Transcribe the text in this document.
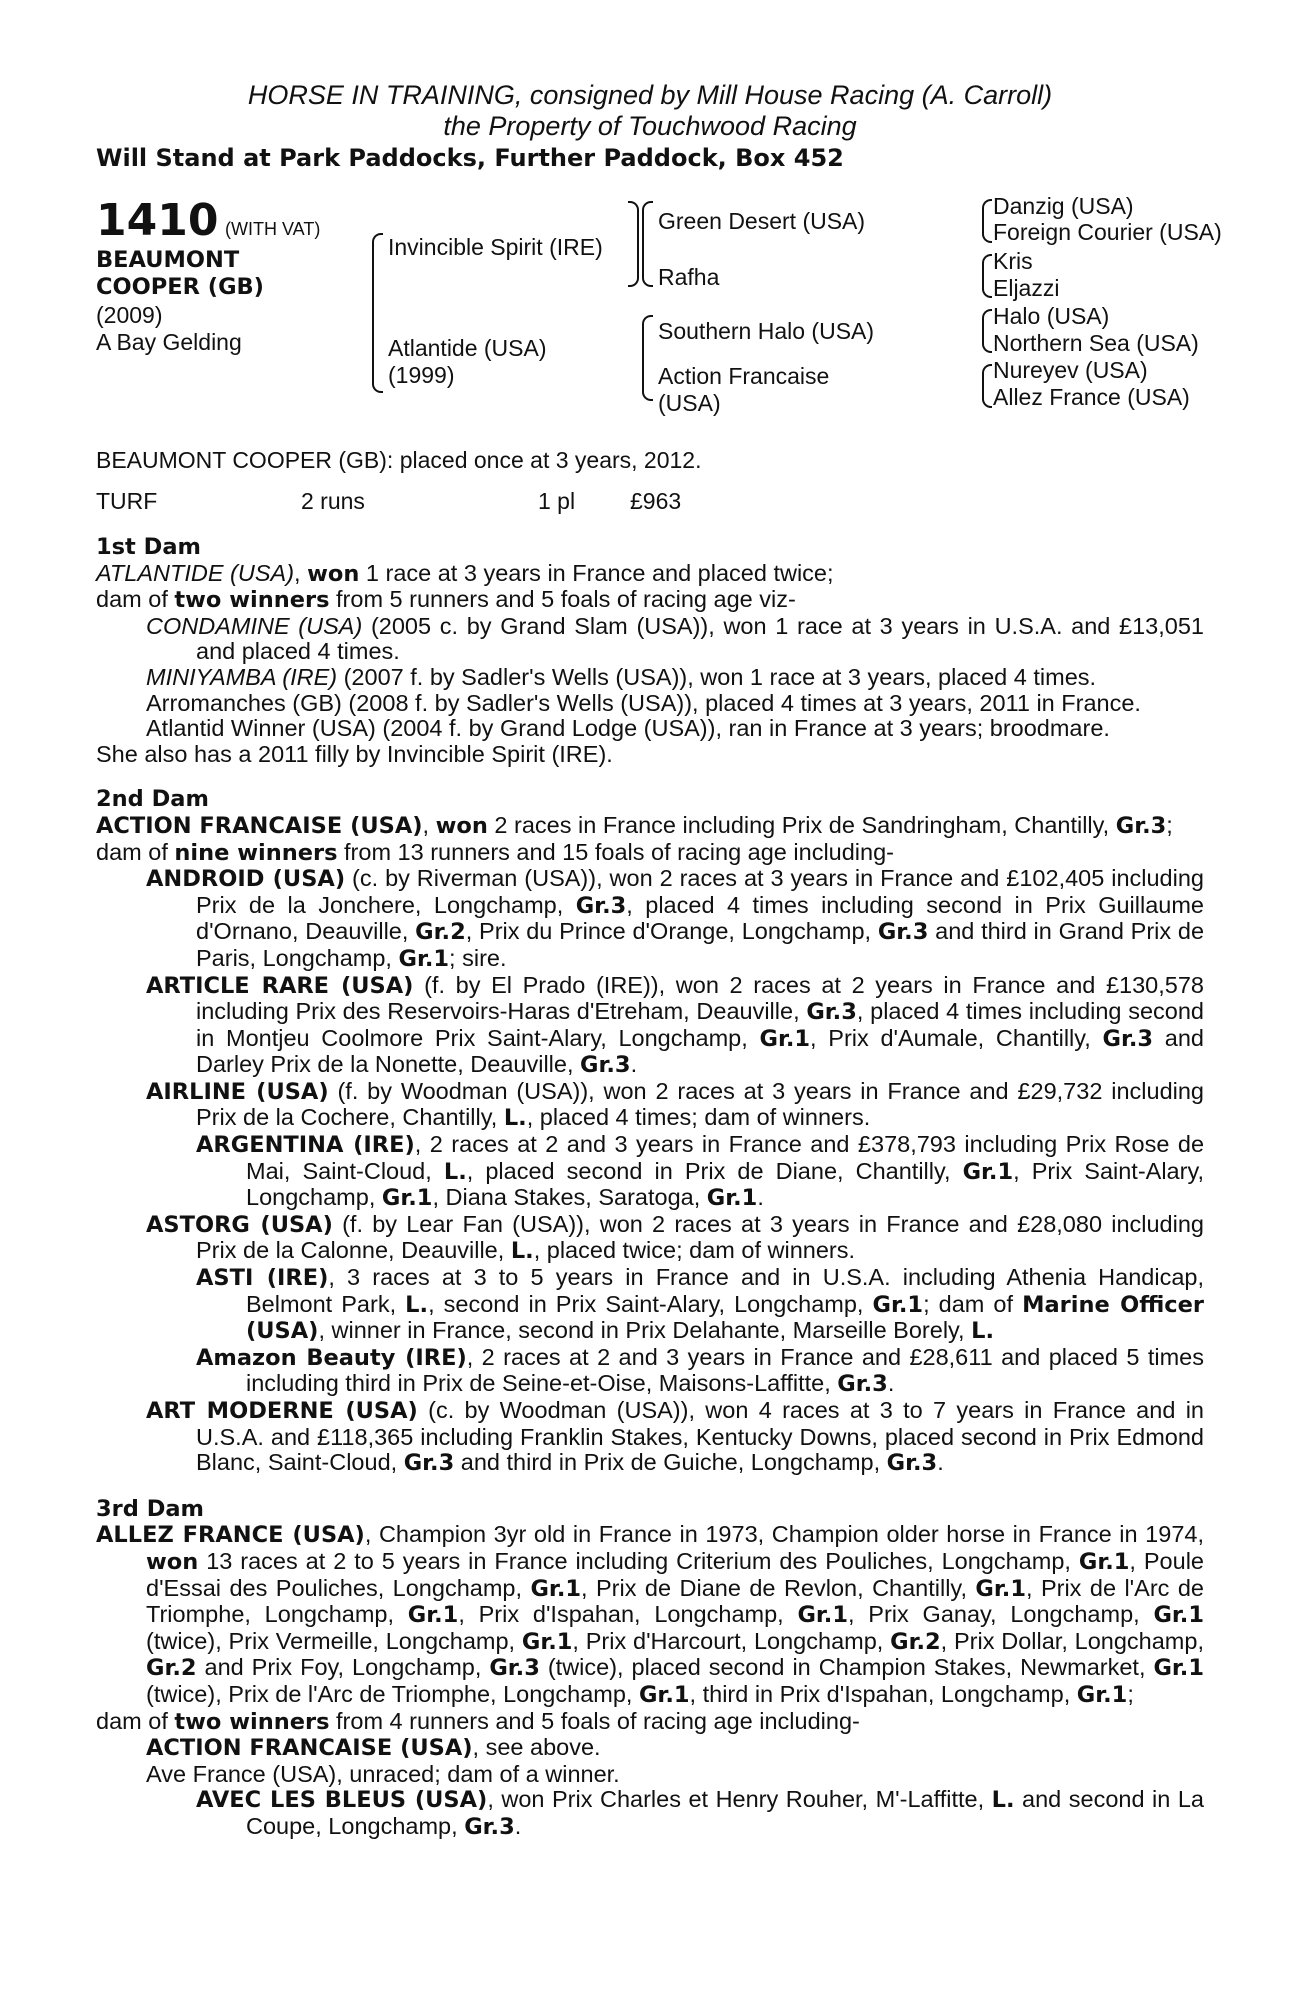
HORSE IN TRAINING, consigned by Mill House Racing (A. Carroll)
the Property of Touchwood Racing
Will Stand at Park Paddocks, Further Paddock, Box 452
1410 (WITH VAT)
BEAUMONT
COOPER (GB)
(2009)
A Bay Gelding
Invincible Spirit (IRE)
Atlantide (USA)
(1999)
Green Desert (USA)
Rafha
Southern Halo (USA)
Action Francaise
(USA)
Danzig (USA)
Foreign Courier (USA)
Kris
Eljazzi
Halo (USA)
Northern Sea (USA)
Nureyev (USA)
Allez France (USA)

BEAUMONT COOPER (GB): placed once at 3 years, 2012.

TURF	2 runs	1 pl £963
1st Dam

ATLANTIDE (USA), won 1 race at 3 years in France and placed twice;

dam of two winners from 5 runners and 5 foals of racing age viz-

CONDAMINE (USA) (2005 c. by Grand Slam (USA)), won 1 race at 3 years in U.S.A. and £13,051 and placed 4 times.

MINIYAMBA (IRE) (2007 f. by Sadler's Wells (USA)), won 1 race at 3 years, placed 4 times.

Arromanches (GB) (2008 f. by Sadler's Wells (USA)), placed 4 times at 3 years, 2011 in France.

Atlantid Winner (USA) (2004 f. by Grand Lodge (USA)), ran in France at 3 years; broodmare.

She also has a 2011 filly by Invincible Spirit (IRE).

2nd Dam

ACTION FRANCAISE (USA), won 2 races in France including Prix de Sandringham, Chantilly, Gr.3;

dam of nine winners from 13 runners and 15 foals of racing age including-

ANDROID (USA) (c. by Riverman (USA)), won 2 races at 3 years in France and £102,405 including Prix de la Jonchere, Longchamp, Gr.3, placed 4 times including second in Prix Guillaume d'Ornano, Deauville, Gr.2, Prix du Prince d'Orange, Longchamp, Gr.3 and third in Grand Prix de Paris, Longchamp, Gr.1; sire.

ARTICLE RARE (USA) (f. by El Prado (IRE)), won 2 races at 2 years in France and £130,578 including Prix des Reservoirs-Haras d'Etreham, Deauville, Gr.3, placed 4 times including second in Montjeu Coolmore Prix Saint-Alary, Longchamp, Gr.1, Prix d'Aumale, Chantilly, Gr.3 and Darley Prix de la Nonette, Deauville, Gr.3.

AIRLINE (USA) (f. by Woodman (USA)), won 2 races at 3 years in France and £29,732 including Prix de la Cochere, Chantilly, L., placed 4 times; dam of winners.

ARGENTINA (IRE), 2 races at 2 and 3 years in France and £378,793 including Prix Rose de Mai, Saint-Cloud, L., placed second in Prix de Diane, Chantilly, Gr.1, Prix Saint-Alary, Longchamp, Gr.1, Diana Stakes, Saratoga, Gr.1.

ASTORG (USA) (f. by Lear Fan (USA)), won 2 races at 3 years in France and £28,080 including Prix de la Calonne, Deauville, L., placed twice; dam of winners.

ASTI (IRE), 3 races at 3 to 5 years in France and in U.S.A. including Athenia Handicap, Belmont Park, L., second in Prix Saint-Alary, Longchamp, Gr.1; dam of Marine Officer (USA), winner in France, second in Prix Delahante, Marseille Borely, L.

Amazon Beauty (IRE), 2 races at 2 and 3 years in France and £28,611 and placed 5 times including third in Prix de Seine-et-Oise, Maisons-Laffitte, Gr.3.

ART MODERNE (USA) (c. by Woodman (USA)), won 4 races at 3 to 7 years in France and in U.S.A. and £118,365 including Franklin Stakes, Kentucky Downs, placed second in Prix Edmond Blanc, Saint-Cloud, Gr.3 and third in Prix de Guiche, Longchamp, Gr.3.

3rd Dam

ALLEZ FRANCE (USA), Champion 3yr old in France in 1973, Champion older horse in France in 1974, won 13 races at 2 to 5 years in France including Criterium des Pouliches, Longchamp, Gr.1, Poule d'Essai des Pouliches, Longchamp, Gr.1, Prix de Diane de Revlon, Chantilly, Gr.1, Prix de l'Arc de Triomphe, Longchamp, Gr.1, Prix d'Ispahan, Longchamp, Gr.1, Prix Ganay, Longchamp, Gr.1 (twice), Prix Vermeille, Longchamp, Gr.1, Prix d'Harcourt, Longchamp, Gr.2, Prix Dollar, Longchamp, Gr.2 and Prix Foy, Longchamp, Gr.3 (twice), placed second in Champion Stakes, Newmarket, Gr.1 (twice), Prix de l'Arc de Triomphe, Longchamp, Gr.1, third in Prix d'Ispahan, Longchamp, Gr.1;

dam of two winners from 4 runners and 5 foals of racing age including-

ACTION FRANCAISE (USA), see above.

Ave France (USA), unraced; dam of a winner.

AVEC LES BLEUS (USA), won Prix Charles et Henry Rouher, M'-Laffitte, L. and second in La Coupe, Longchamp, Gr.3.
